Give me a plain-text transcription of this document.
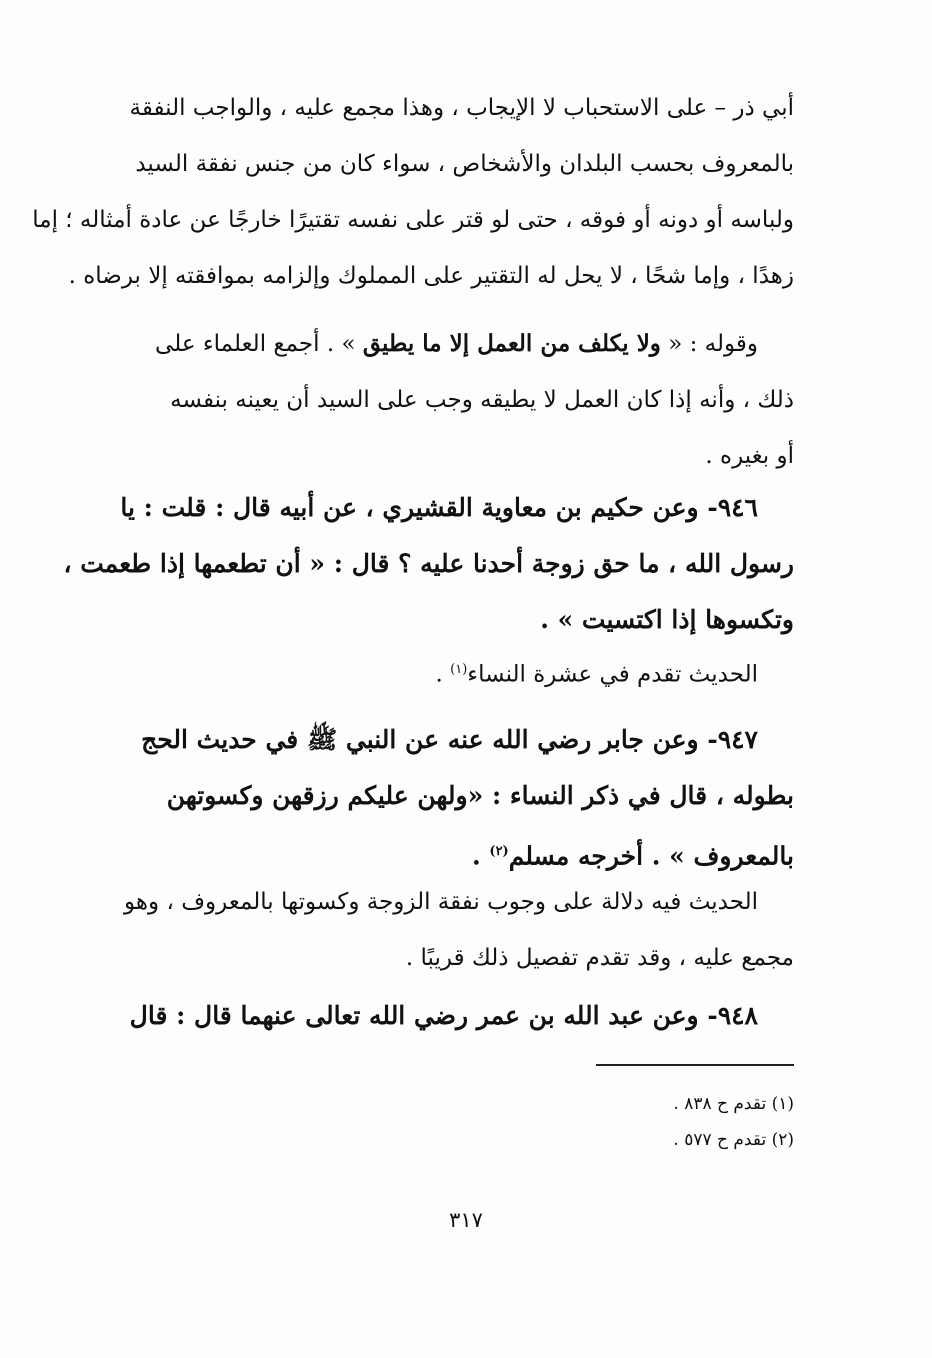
أبي ذر – على الاستحباب لا الإيجاب ، وهذا مجمع عليه ، والواجب النفقة
بالمعروف بحسب البلدان والأشخاص ، سواء كان من جنس نفقة السيد
ولباسه أو دونه أو فوقه ، حتى لو قتر على نفسه تقتيرًا خارجًا عن عادة أمثاله ؛ إما
زهدًا ، وإما شحًا ، لا يحل له التقتير على المملوك وإلزامه بموافقته إلا برضاه .
وقوله : « ولا يكلف من العمل إلا ما يطيق » . أجمع العلماء على
ذلك ، وأنه إذا كان العمل لا يطيقه وجب على السيد أن يعينه بنفسه
أو بغيره .
٩٤٦- وعن حكيم بن معاوية القشيري ، عن أبيه قال : قلت : يا
رسول الله ، ما حق زوجة أحدنا عليه ؟ قال : « أن تطعمها إذا طعمت ،
وتكسوها إذا اكتسيت » .
الحديث تقدم في عشرة النساء$^{(١)}$ .
٩٤٧- وعن جابر رضي الله عنه عن النبي ﷺ في حديث الحج
بطوله ، قال في ذكر النساء : «ولهن عليكم رزقهن وكسوتهن
بالمعروف » . أخرجه مسلم$^{(٢)}$ .
الحديث فيه دلالة على وجوب نفقة الزوجة وكسوتها بالمعروف ، وهو
مجمع عليه ، وقد تقدم تفصيل ذلك قريبًا .
٩٤٨- وعن عبد الله بن عمر رضي الله تعالى عنهما قال : قال
(١) تقدم ح ٨٣٨ .
(٢) تقدم ح ٥٧٧ .
٣١٧
